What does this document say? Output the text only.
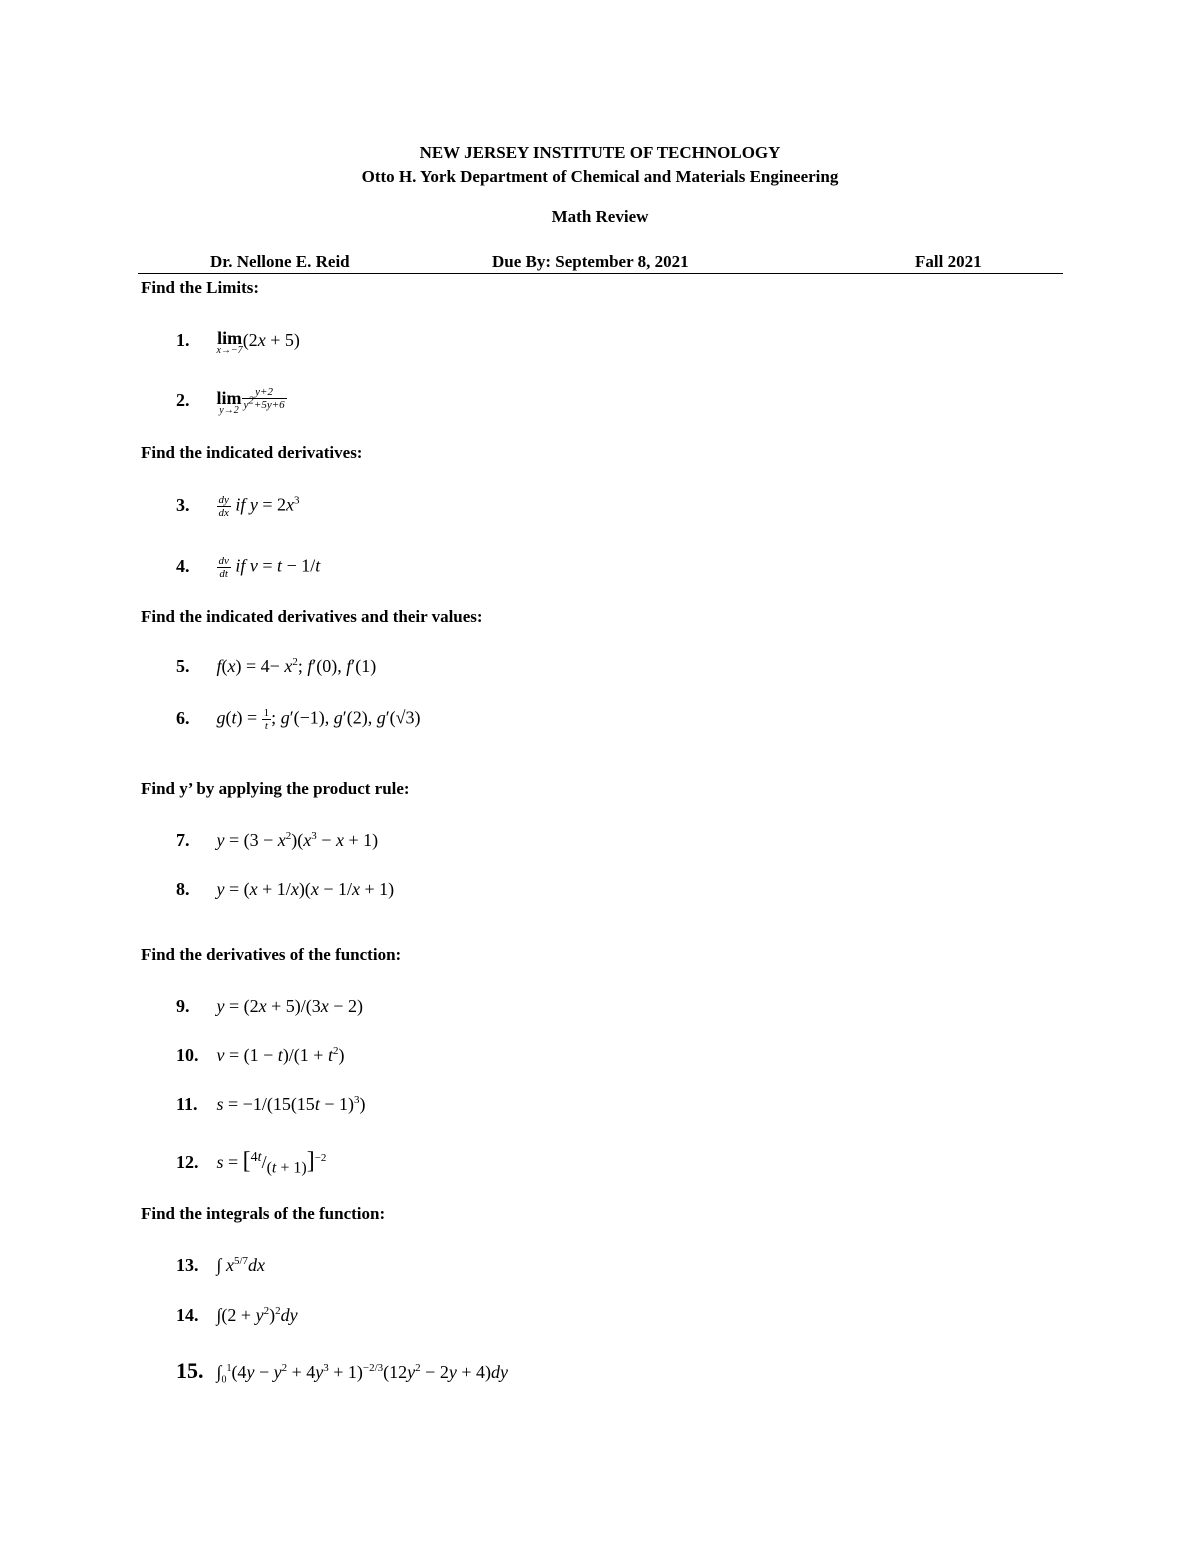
NEW JERSEY INSTITUTE OF TECHNOLOGY
Otto H. York Department of Chemical and Materials Engineering
Math Review
Dr. Nellone E. Reid	Due By: September 8, 2021	Fall 2021
Find the Limits:
1. lim
x→−7
(2x + 5)
2. lim
$y\to 2 \frac{y+2}{y^2+5y+6}$
Find the indicated derivatives:
3. $\frac{dy}{dx}$ if $y = 2x^3$
4. $\frac{dv}{dt}$ if v = t − 1/t
Find the indicated derivatives and their values:
5. $f(x) = 4- x^2$; f′(0), f′(1)
6. $g(t) = \frac{1}{t}$ ; g′(−1), g′(2), g′(√3)
Find y’ by applying the product rule:
7. $y = (3 - x^2)(x^3 - x + 1)$
8. y = (x + 1/x)(x − 1/x + 1)
Find the derivatives of the function:
9. y = (2x + 5)/(3x − 2)
10. $v = (1 - t)/(1 + t^2)$
11. $s = -1/(15(15t - 1)^3)$
12. $s = [^{4t}/_{(t + 1)}]^{-2}$
Find the integrals of the function:
13. ∫ $x^{5/7}dx$
14. $\int(2 + y^2)^2dy$
15. $\int_0^1(4y - y^2 + 4y^3 + 1)^{-2/3}(12y^2 - 2y + 4)dy$
